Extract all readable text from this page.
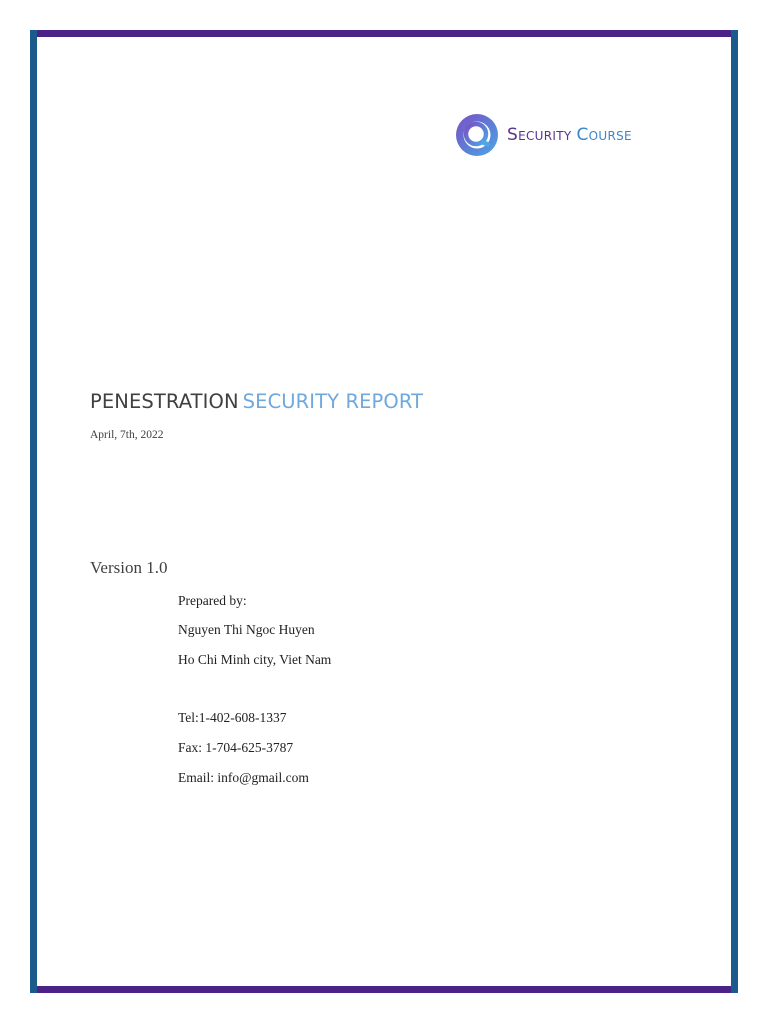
Security Course
PENESTRATION SECURITY REPORT
April, 7th, 2022
Version 1.0
Prepared by:
Nguyen Thi Ngoc Huyen
Ho Chi Minh city, Viet Nam
Tel:1-402-608-1337
Fax: 1-704-625-3787
Email: info@gmail.com
